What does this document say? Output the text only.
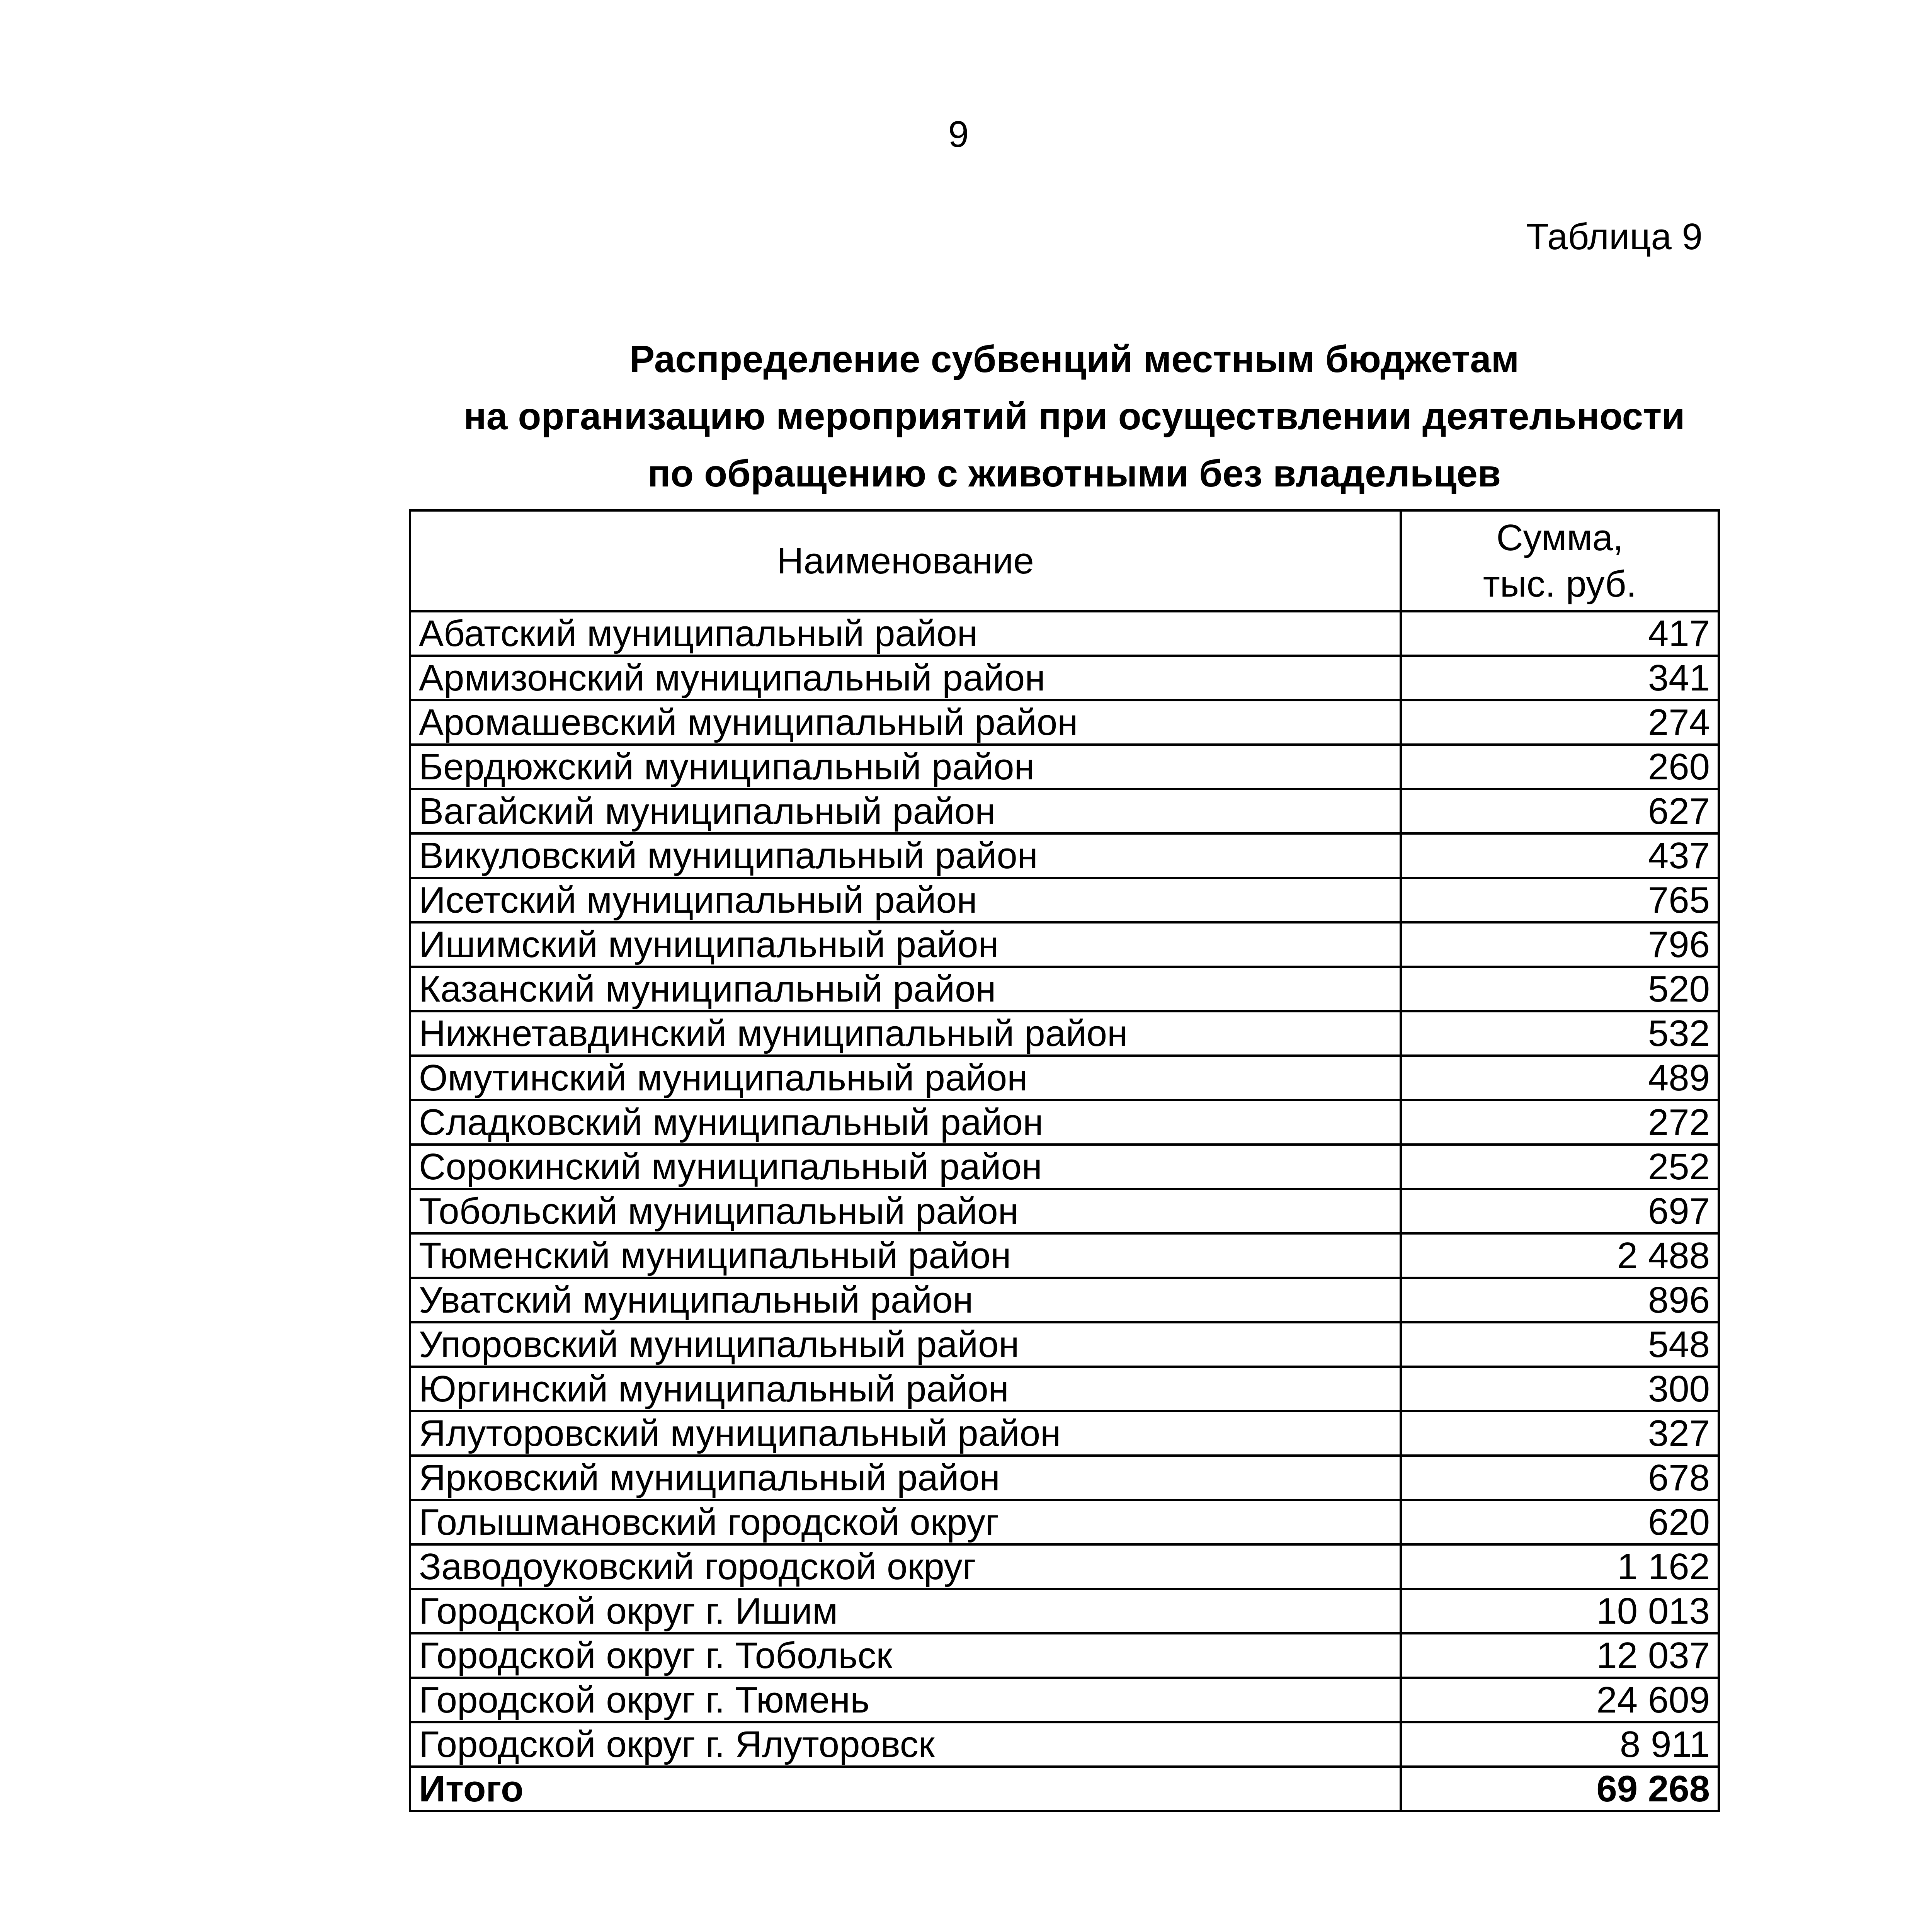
9
Таблица 9
Распределение субвенций местным бюджетам
на организацию мероприятий при осуществлении деятельности
по обращению с животными без владельцев
Наименование	Сумма,
тыс. руб.

Абатский муниципальный район	417
Армизонский муниципальный район	341
Аромашевский муниципальный район	274
Бердюжский муниципальный район	260
Вагайский муниципальный район	627
Викуловский муниципальный район	437
Исетский муниципальный район	765
Ишимский муниципальный район	796
Казанский муниципальный район	520
Нижнетавдинский муниципальный район	532
Омутинский муниципальный район	489
Сладковский муниципальный район	272
Сорокинский муниципальный район	252
Тобольский муниципальный район	697
Тюменский муниципальный район	2 488
Уватский муниципальный район	896
Упоровский муниципальный район	548
Юргинский муниципальный район	300
Ялуторовский муниципальный район	327
Ярковский муниципальный район	678
Голышмановский городской округ	620
Заводоуковский городской округ	1 162
Городской округ г. Ишим	10 013
Городской округ г. Тобольск	12 037
Городской округ г. Тюмень	24 609
Городской округ г. Ялуторовск	8 911
Итого	69 268
